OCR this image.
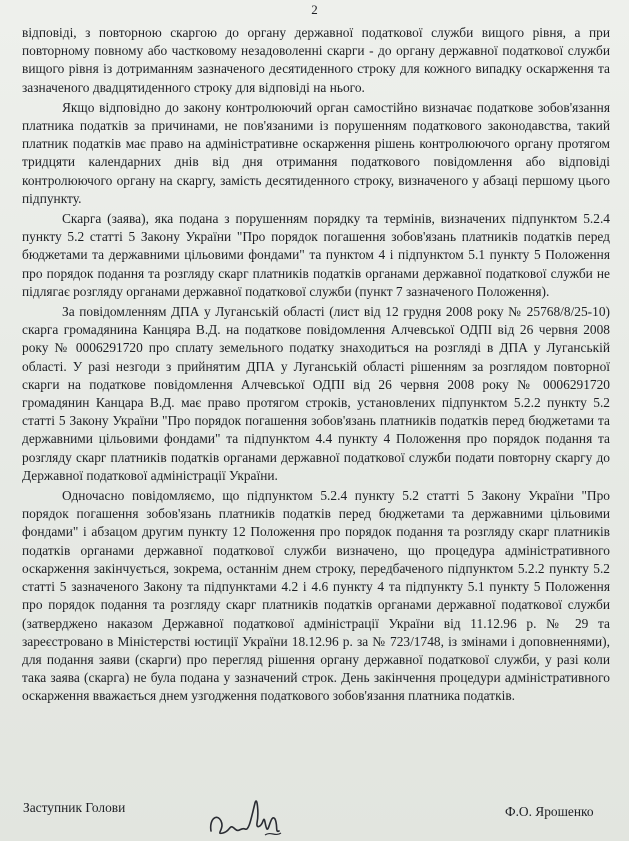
2

відповіді, з повторною скаргою до органу державної податкової служби вищого рівня, а при повторному повному або частковому незадоволенні скарги - до органу державної податкової служби вищого рівня із дотриманням зазначеного десятиденного строку для кожного випадку оскарження та зазначеного двадцятиденного строку для відповіді на нього.

Якщо відповідно до закону контролюючий орган самостійно визначає податкове зобов'язання платника податків за причинами, не пов'язаними із порушенням податкового законодавства, такий платник податків має право на адміністративне оскарження рішень контролюючого органу протягом тридцяти календарних днів від дня отримання податкового повідомлення або відповіді контролюючого органу на скаргу, замість десятиденного строку, визначеного у абзаці першому цього підпункту.

Скарга (заява), яка подана з порушенням порядку та термінів, визначених підпунктом 5.2.4 пункту 5.2 статті 5 Закону України "Про порядок погашення зобов'язань платників податків перед бюджетами та державними цільовими фондами" та пунктом 4 і підпунктом 5.1 пункту 5 Положення про порядок подання та розгляду скарг платників податків органами державної податкової служби не підлягає розгляду органами державної податкової служби (пункт 7 зазначеного Положення).

За повідомленням ДПА у Луганській області (лист від 12 грудня 2008 року № 25768/8/25-10) скарга громадянина Канцяра В.Д. на податкове повідомлення Алчевської ОДПІ від 26 червня 2008 року № 0006291720 про сплату земельного податку знаходиться на розгляді в ДПА у Луганській області. У разі незгоди з прийнятим ДПА у Луганській області рішенням за розглядом повторної скарги на податкове повідомлення Алчевської ОДПІ від 26 червня 2008 року № 0006291720 громадянин Канцара В.Д. має право протягом строків, установлених підпунктом 5.2.2 пункту 5.2 статті 5 Закону України "Про порядок погашення зобов'язань платників податків перед бюджетами та державними цільовими фондами" та підпунктом 4.4 пункту 4 Положення про порядок подання та розгляду скарг платників податків органами державної податкової служби подати повторну скаргу до Державної податкової адміністрації України.

Одночасно повідомляємо, що підпунктом 5.2.4 пункту 5.2 статті 5 Закону України "Про порядок погашення зобов'язань платників податків перед бюджетами та державними цільовими фондами" і абзацом другим пункту 12 Положення про порядок подання та розгляду скарг платників податків органами державної податкової служби визначено, що процедура адміністративного оскарження закінчується, зокрема, останнім днем строку, передбаченого підпунктом 5.2.2 пункту 5.2 статті 5 зазначеного Закону та підпунктами 4.2 і 4.6 пункту 4 та підпункту 5.1 пункту 5 Положення про порядок подання та розгляду скарг платників податків органами державної податкової служби (затверджено наказом Державної податкової адміністрації України від 11.12.96 р. № 29 та зареєстровано в Міністерстві юстиції України 18.12.96 р. за № 723/1748, із змінами і доповненнями), для подання заяви (скарги) про перегляд рішення органу державної податкової служби, у разі коли така заява (скарга) не була подана у зазначений строк. День закінчення процедури адміністративного оскарження вважається днем узгодження податкового зобов'язання платника податків.

Заступник Голови	Ф.О. Ярошенко
